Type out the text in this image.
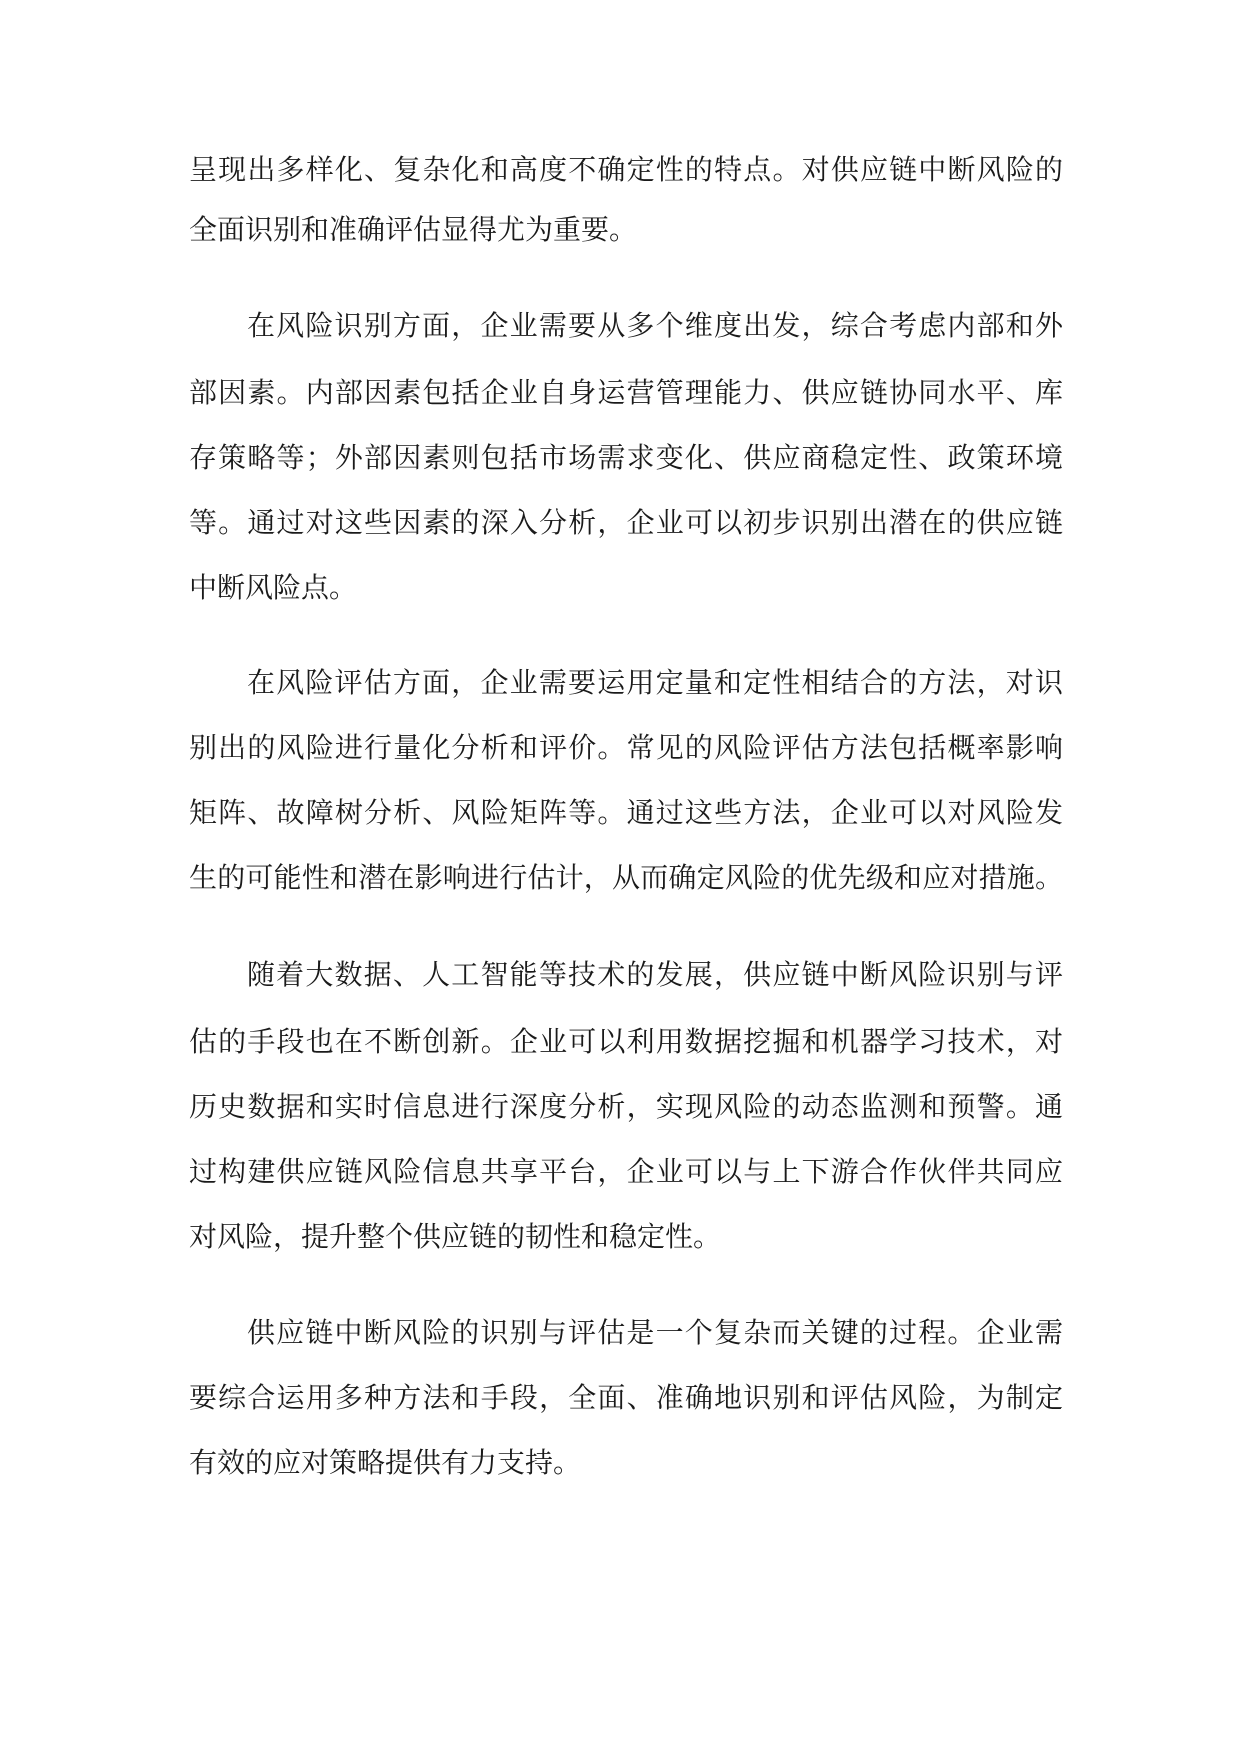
呈现出多样化、复杂化和高度不确定性的特点。对供应链中断风险的
全面识别和准确评估显得尤为重要。
在风险识别方面，企业需要从多个维度出发，综合考虑内部和外
部因素。内部因素包括企业自身运营管理能力、供应链协同水平、库
存策略等；外部因素则包括市场需求变化、供应商稳定性、政策环境
等。通过对这些因素的深入分析，企业可以初步识别出潜在的供应链
中断风险点。
在风险评估方面，企业需要运用定量和定性相结合的方法，对识
别出的风险进行量化分析和评价。常见的风险评估方法包括概率影响
矩阵、故障树分析、风险矩阵等。通过这些方法，企业可以对风险发
生的可能性和潜在影响进行估计，从而确定风险的优先级和应对措施。
随着大数据、人工智能等技术的发展，供应链中断风险识别与评
估的手段也在不断创新。企业可以利用数据挖掘和机器学习技术，对
历史数据和实时信息进行深度分析，实现风险的动态监测和预警。通
过构建供应链风险信息共享平台，企业可以与上下游合作伙伴共同应
对风险，提升整个供应链的韧性和稳定性。
供应链中断风险的识别与评估是一个复杂而关键的过程。企业需
要综合运用多种方法和手段，全面、准确地识别和评估风险，为制定
有效的应对策略提供有力支持。
